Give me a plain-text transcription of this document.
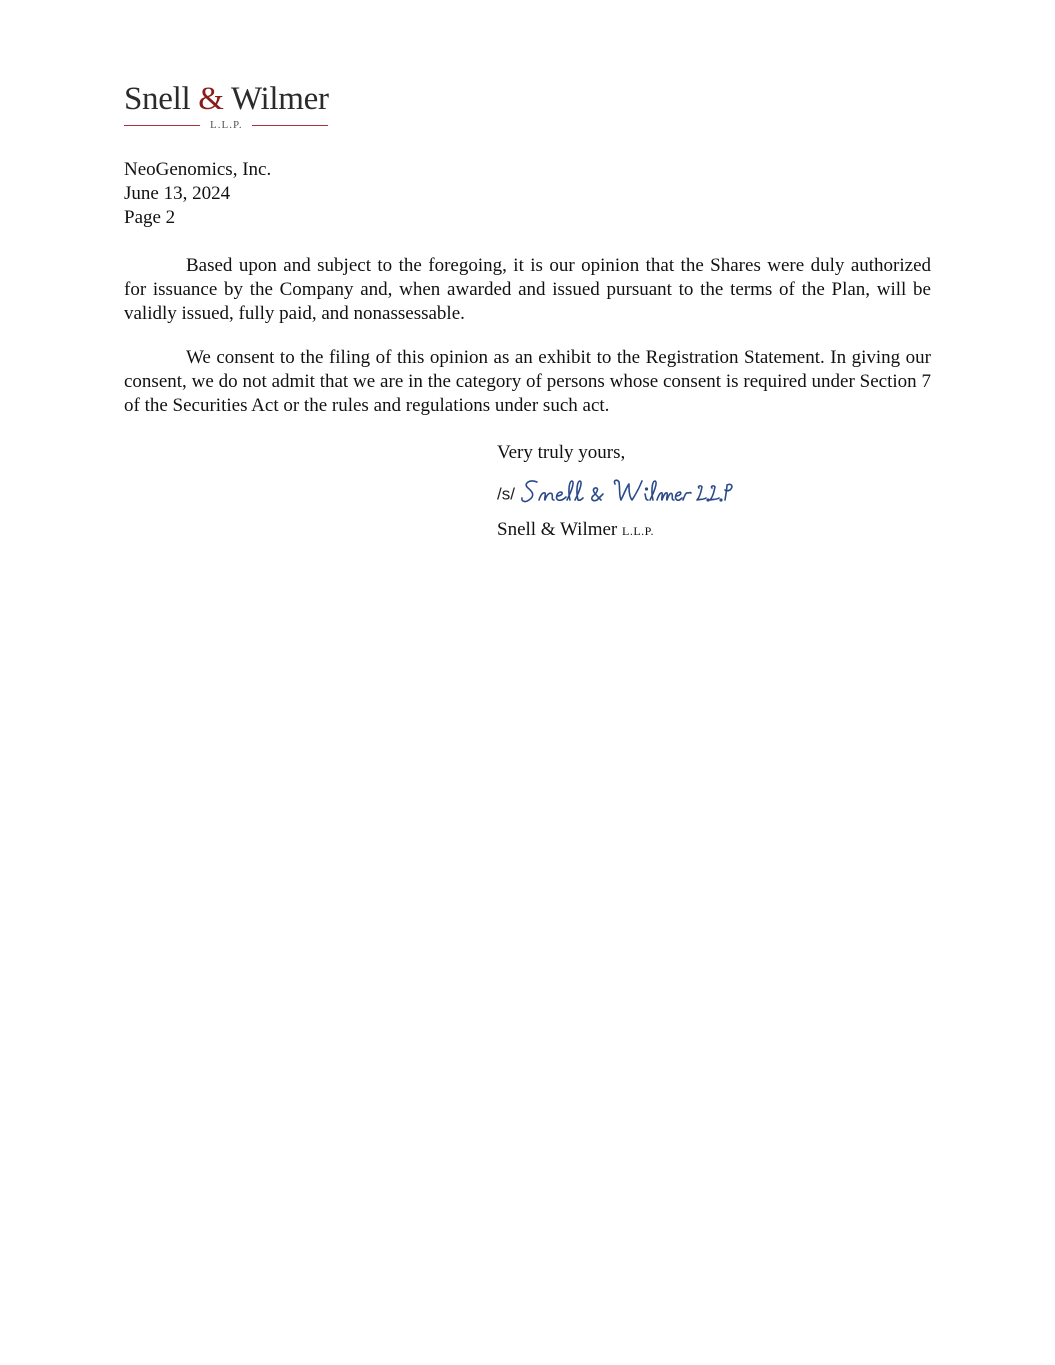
Snell & Wilmer
L.L.P.
NeoGenomics, Inc.
June 13, 2024
Page 2
Based upon and subject to the foregoing, it is our opinion that the Shares were duly authorized for issuance by the Company and, when awarded and issued pursuant to the terms of the Plan, will be validly issued, fully paid, and nonassessable.
We consent to the filing of this opinion as an exhibit to the Registration Statement. In giving our consent, we do not admit that we are in the category of persons whose consent is required under Section 7 of the Securities Act or the rules and regulations under such act.
Very truly yours,
/s/
Snell & Wilmer L.L.P.
